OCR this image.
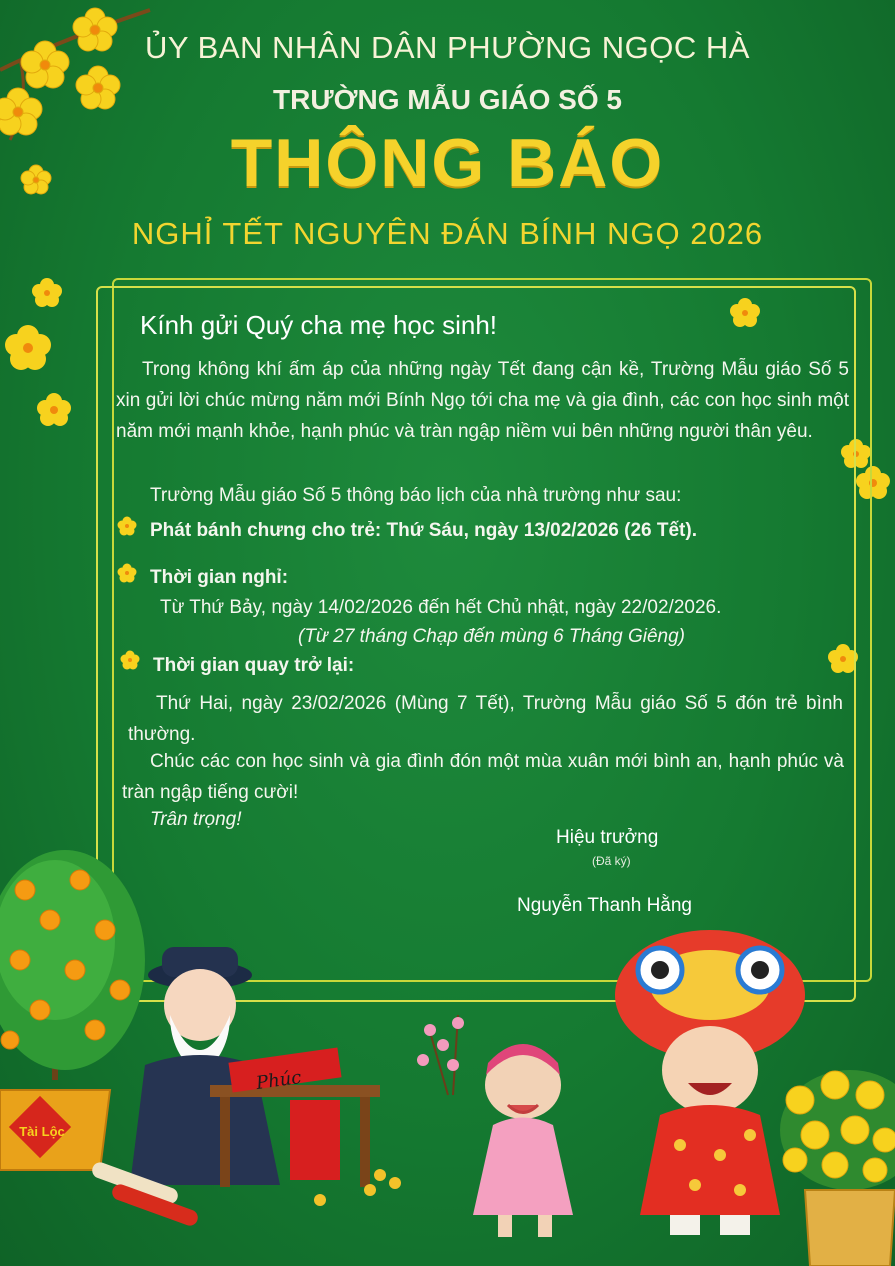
ỦY BAN NHÂN DÂN PHƯỜNG NGỌC HÀ
TRƯỜNG MẪU GIÁO SỐ 5
THÔNG BÁO
NGHỈ TẾT NGUYÊN ĐÁN BÍNH NGỌ 2026
Kính gửi Quý cha mẹ học sinh!
Trong không khí ấm áp của những ngày Tết đang cận kề, Trường Mẫu giáo Số 5 xin gửi lời chúc mừng năm mới Bính Ngọ tới cha mẹ và gia đình, các con học sinh một năm mới mạnh khỏe, hạnh phúc và tràn ngập niềm vui bên những người thân yêu.
Trường Mẫu giáo Số 5 thông báo lịch của nhà trường như sau:
Phát bánh chưng cho trẻ: Thứ Sáu, ngày 13/02/2026 (26 Tết).
Thời gian nghỉ:
Từ Thứ Bảy, ngày 14/02/2026 đến hết Chủ nhật, ngày 22/02/2026.
(Từ 27 tháng Chạp đến mùng 6 Tháng Giêng)
Thời gian quay trở lại:
Thứ Hai, ngày 23/02/2026 (Mùng 7 Tết), Trường Mẫu giáo Số 5 đón trẻ bình thường.
Chúc các con học sinh và gia đình đón một mùa xuân mới bình an, hạnh phúc và tràn ngập tiếng cười!
Trân trọng!
Hiệu trưởng
(Đã ký)
Nguyễn Thanh Hằng
Tài Lộc
Phúc
